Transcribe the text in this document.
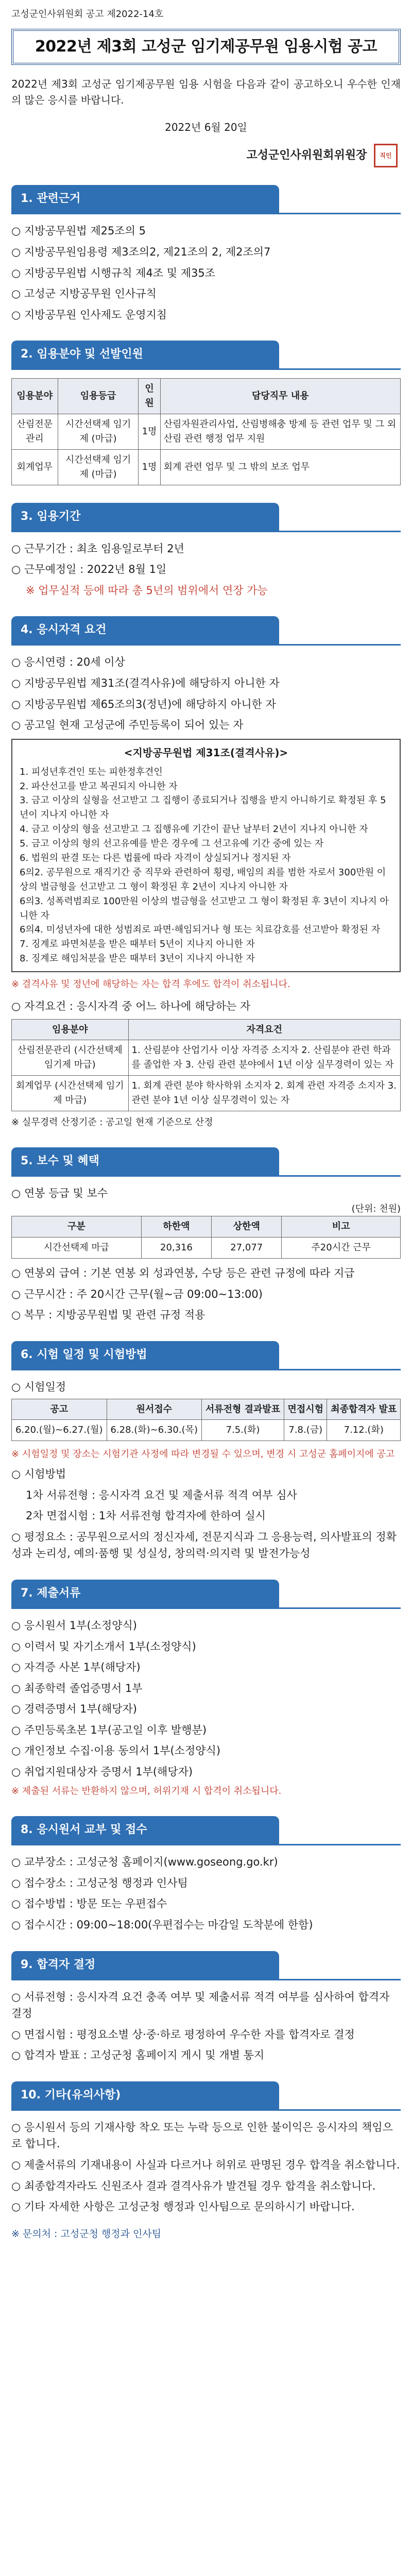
고성군인사위원회 공고 제2022-14호
2022년 제3회 고성군 임기제공무원 임용시험 공고

2022년 제3회 고성군 임기제공무원 임용 시험을 다음과 같이 공고하오니 우수한 인재의 많은 응시를 바랍니다.

2022년 6월 20일
고성군인사위원회위원장 직인
1. 관련근거

○ 지방공무원법 제25조의 5

○ 지방공무원임용령 제3조의2, 제21조의 2, 제2조의7

○ 지방공무원법 시행규칙 제4조 및 제35조

○ 고성군 지방공무원 인사규칙

○ 지방공무원 인사제도 운영지침

2. 임용분야 및 선발인원
임용분야	임용등급	인원	담당직무 내용
산림전문관리	시간선택제 임기제 (마급)	1명	산림자원관리사업, 산림병해충 방제 등 관련 업무 및 그 외 산림 관련 행정 업무 지원
회계업무	시간선택제 임기제 (마급)	1명	회계 관련 업무 및 그 밖의 보조 업무
3. 임용기간

○ 근무기간 : 최초 임용일로부터 2년

○ 근무예정일 : 2022년 8월 1일

※ 업무실적 등에 따라 총 5년의 범위에서 연장 가능

4. 응시자격 요건

○ 응시연령 : 20세 이상

○ 지방공무원법 제31조(결격사유)에 해당하지 아니한 자

○ 지방공무원법 제65조의3(정년)에 해당하지 아니한 자

○ 공고일 현재 고성군에 주민등록이 되어 있는 자

<지방공무원법 제31조(결격사유)>
1. 피성년후견인 또는 피한정후견인
2. 파산선고를 받고 복권되지 아니한 자
3. 금고 이상의 실형을 선고받고 그 집행이 종료되거나 집행을 받지 아니하기로 확정된 후 5년이 지나지 아니한 자
4. 금고 이상의 형을 선고받고 그 집행유예 기간이 끝난 날부터 2년이 지나지 아니한 자
5. 금고 이상의 형의 선고유예를 받은 경우에 그 선고유예 기간 중에 있는 자
6. 법원의 판결 또는 다른 법률에 따라 자격이 상실되거나 정지된 자
6의2. 공무원으로 재직기간 중 직무와 관련하여 횡령, 배임의 죄를 범한 자로서 300만원 이상의 벌금형을 선고받고 그 형이 확정된 후 2년이 지나지 아니한 자
6의3. 성폭력범죄로 100만원 이상의 벌금형을 선고받고 그 형이 확정된 후 3년이 지나지 아니한 자
6의4. 미성년자에 대한 성범죄로 파면·해임되거나 형 또는 치료감호를 선고받아 확정된 자
7. 징계로 파면처분을 받은 때부터 5년이 지나지 아니한 자
8. 징계로 해임처분을 받은 때부터 3년이 지나지 아니한 자

※ 결격사유 및 정년에 해당하는 자는 합격 후에도 합격이 취소됩니다.

○ 자격요건 : 응시자격 중 어느 하나에 해당하는 자

임용분야	자격요건
산림전문관리 (시간선택제 임기제 마급)	1. 산림분야 산업기사 이상 자격증 소지자 2. 산림분야 관련 학과를 졸업한 자 3. 산림 관련 분야에서 1년 이상 실무경력이 있는 자
회계업무 (시간선택제 임기제 마급)	1. 회계 관련 분야 학사학위 소지자 2. 회계 관련 자격증 소지자 3. 관련 분야 1년 이상 실무경력이 있는 자

※ 실무경력 산정기준 : 공고일 현재 기준으로 산정

5. 보수 및 혜택

○ 연봉 등급 및 보수

(단위: 천원)

구분	하한액	상한액	비고
시간선택제 마급	20,316	27,077	주20시간 근무

○ 연봉외 급여 : 기본 연봉 외 성과연봉, 수당 등은 관련 규정에 따라 지급

○ 근무시간 : 주 20시간 근무(월~금 09:00~13:00)

○ 복무 : 지방공무원법 및 관련 규정 적용

6. 시험 일정 및 시험방법

○ 시험일정

공고	원서접수	서류전형 결과발표	면접시험	최종합격자 발표
6.20.(월)~6.27.(월)	6.28.(화)~6.30.(목)	7.5.(화)	7.8.(금)	7.12.(화)

※ 시험일정 및 장소는 시험기관 사정에 따라 변경될 수 있으며, 변경 시 고성군 홈페이지에 공고

○ 시험방법

1차 서류전형 : 응시자격 요건 및 제출서류 적격 여부 심사

2차 면접시험 : 1차 서류전형 합격자에 한하여 실시

○ 평정요소 : 공무원으로서의 정신자세, 전문지식과 그 응용능력, 의사발표의 정확성과 논리성, 예의·품행 및 성실성, 창의력·의지력 및 발전가능성

7. 제출서류

○ 응시원서 1부(소정양식)

○ 이력서 및 자기소개서 1부(소정양식)

○ 자격증 사본 1부(해당자)

○ 최종학력 졸업증명서 1부

○ 경력증명서 1부(해당자)

○ 주민등록초본 1부(공고일 이후 발행분)

○ 개인정보 수집·이용 동의서 1부(소정양식)

○ 취업지원대상자 증명서 1부(해당자)

※ 제출된 서류는 반환하지 않으며, 허위기재 시 합격이 취소됩니다.

8. 응시원서 교부 및 접수

○ 교부장소 : 고성군청 홈페이지(www.goseong.go.kr)

○ 접수장소 : 고성군청 행정과 인사팀

○ 접수방법 : 방문 또는 우편접수

○ 접수시간 : 09:00~18:00(우편접수는 마감일 도착분에 한함)

9. 합격자 결정

○ 서류전형 : 응시자격 요건 충족 여부 및 제출서류 적격 여부를 심사하여 합격자 결정

○ 면접시험 : 평정요소별 상·중·하로 평정하여 우수한 자를 합격자로 결정

○ 합격자 발표 : 고성군청 홈페이지 게시 및 개별 통지

10. 기타(유의사항)

○ 응시원서 등의 기재사항 착오 또는 누락 등으로 인한 불이익은 응시자의 책임으로 합니다.

○ 제출서류의 기재내용이 사실과 다르거나 허위로 판명된 경우 합격을 취소합니다.

○ 최종합격자라도 신원조사 결과 결격사유가 발견될 경우 합격을 취소합니다.

○ 기타 자세한 사항은 고성군청 행정과 인사팀으로 문의하시기 바랍니다.

※ 문의처 : 고성군청 행정과 인사팀
